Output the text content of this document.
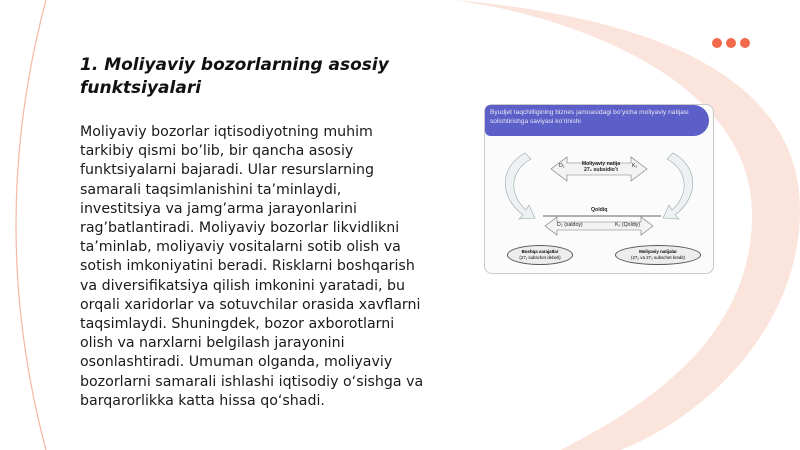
1. Moliyaviy bozorlarning asosiy funktsiyalari
Moliyaviy bozorlar iqtisodiyotning muhim tarkibiy qismi bo’lib, bir qancha asosiy funktsiyalarni bajaradi. Ular resurslarning samarali taqsimlanishini ta’minlaydi, investitsiya va jamg’arma jarayonlarini rag’batlantiradi. Moliyaviy bozorlar likvidlikni ta’minlab, moliyaviy vositalarni sotib olish va sotish imkoniyatini beradi. Risklarni boshqarish va diversifikatsiya qilish imkonini yaratadi, bu orqali xaridorlar va sotuvchilar orasida xavflarni taqsimlaydi. Shuningdek, bozor axborotlarni olish va narxlarni belgilash jarayonini osonlashtiradi. Umuman olganda, moliyaviy bozorlarni samarali ishlashi iqtisodiy o‘sishga va barqarorlikka katta hissa qo‘shadi.
Byudjet taqchilligining biznes jamoasidagi boʻyicha moliyaviy natijasi solishtirishga saviyasi koʻrinishi
D₁	Moliyaviy natija
27₀ subsidio’t
K₁
Qoldiq
D₂ (saldoy)	K₂ (Qoldiy)
Boshqa xarajatlar
(27₁ subschet debeti)
Moliyaviy natijalar
(27₂ va 27₃ subschet kredit)
